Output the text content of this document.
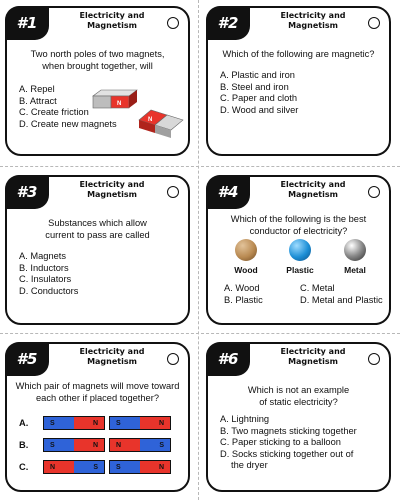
#1	Electricity and Magnetism
Two north poles of two magnets,
when brought together, will
A. Repel
B. Attract
C. Create friction
D. Create new magnets
N
N
#2	Electricity and Magnetism
Which of the following are magnetic?
A. Plastic and iron
B. Steel and iron
C. Paper and cloth
D. Wood and silver
#3	Electricity and Magnetism
Substances which allow
current to pass are called
A. Magnets
B. Inductors
C. Insulators
D. Conductors
#4	Electricity and Magnetism
Which of the following is the best
conductor of electricity?
Wood	Plastic	Metal
A. Wood
B. Plastic
C. Metal
D. Metal and Plastic
#5	Electricity and Magnetism
Which pair of magnets will move toward
each other if placed together?
A.	S	N	S	N
B.	S	N	N	S
C.	N	S	S	N
#6	Electricity and Magnetism
Which is not an example
of static electricity?
A. Lightning
B. Two magnets sticking together
C. Paper sticking to a balloon
D. Socks sticking together out of
the dryer
